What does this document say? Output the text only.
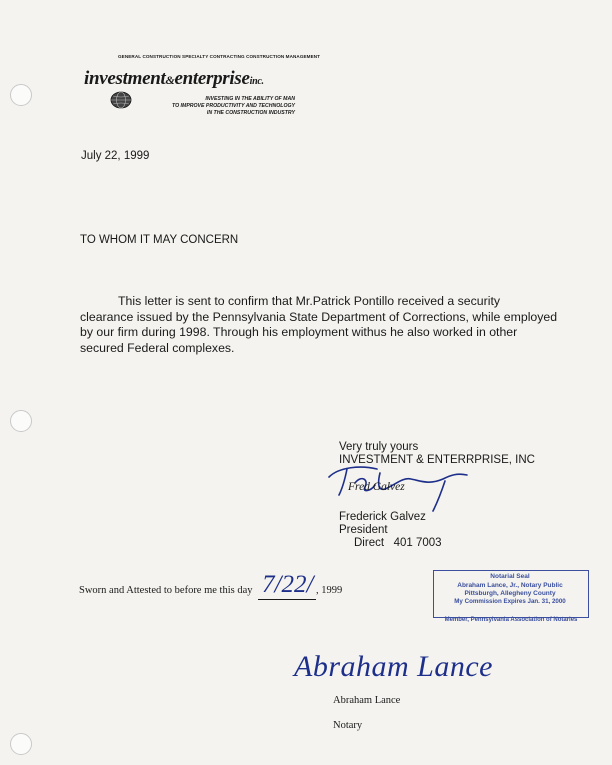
GENERAL CONSTRUCTION SPECIALTY CONTRACTING CONSTRUCTION MANAGEMENT
investment&enterpriseinc.
INVESTING IN THE ABILITY OF MAN
TO IMPROVE PRODUCTIVITY AND TECHNOLOGY
IN THE CONSTRUCTION INDUSTRY
July 22, 1999
TO WHOM IT MAY CONCERN
This letter is sent to confirm that Mr.Patrick Pontillo received a security
clearance issued by the Pennsylvania State Department of Corrections, while employed
by our firm during 1998. Through his employment withus he also worked in other
secured Federal complexes.
Very truly yours
INVESTMENT & ENTERRPRISE, INC
Fred Galvez
Frederick Galvez
President
Direct   401 7003
Sworn and Attested to before me this day 7/22/ , 1999
Notarial Seal
Abraham Lance, Jr., Notary Public
Pittsburgh, Allegheny County
My Commission Expires Jan. 31, 2000
Member, Pennsylvania Association of Notaries
Abraham Lance
Abraham Lance
Notary
